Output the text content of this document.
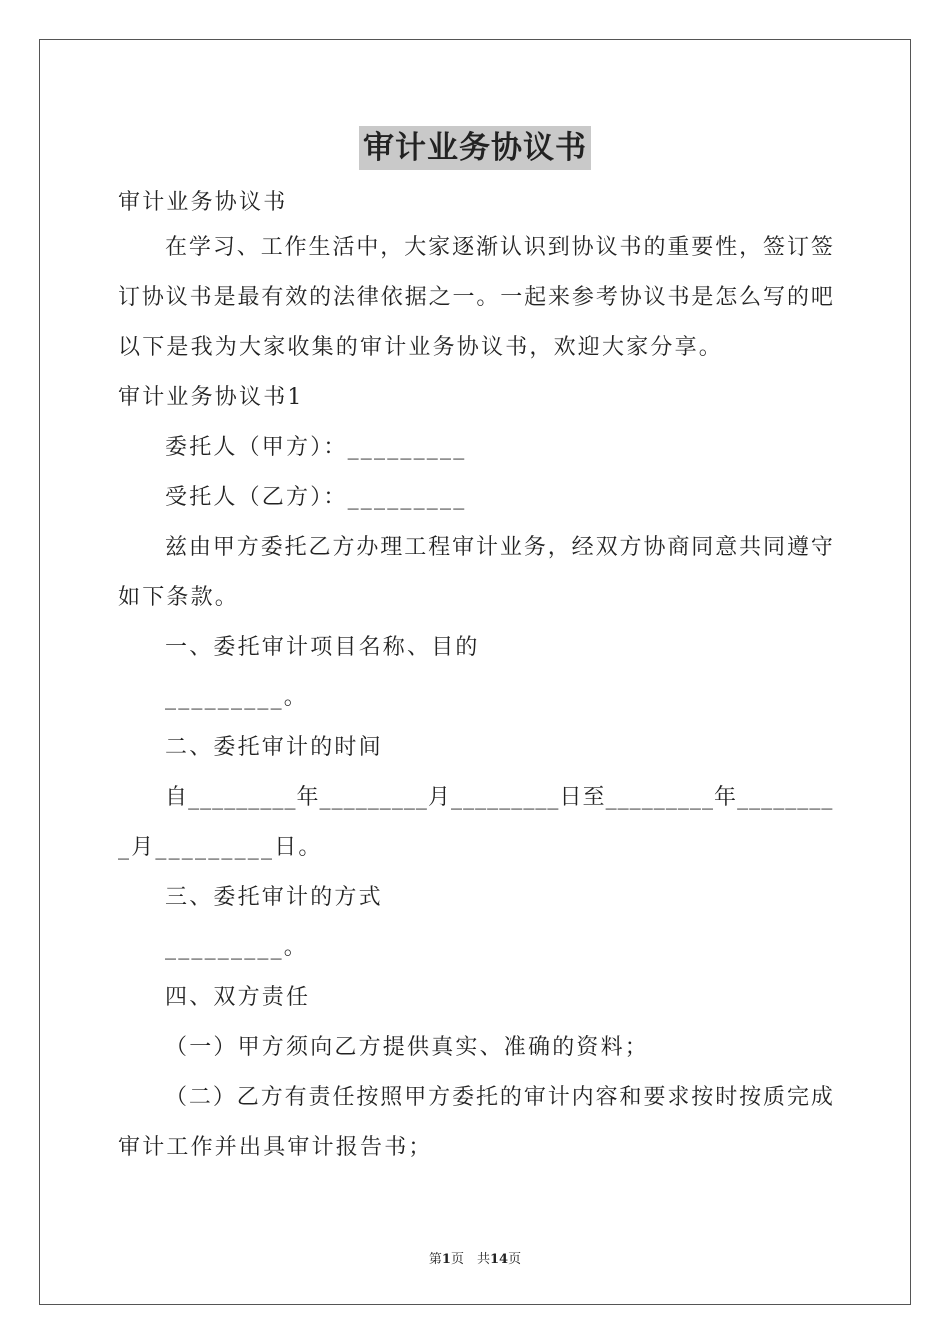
审计业务协议书
审计业务协议书
在 学 习 、 工 作 生 活 中 ， 大 家 逐 渐 认 识 到 协 议 书 的 重 要 性 ， 签 订 签
订 协 议 书 是 最 有 效 的 法 律 依 据 之 一 。 一 起 来 参 考 协 议 书 是 怎 么 写 的 吧
以下是我为大家收集的审计业务协议书，欢迎大家分享。
审计业务协议书1
委托人（甲方）：_________
受托人（乙方）：_________
兹 由 甲 方 委 托 乙 方 办 理 工 程 审 计 业 务 ， 经 双 方 协 商 同 意 共 同 遵 守
如下条款。
一、委托审计项目名称、目的
_________。
二、委托审计的时间
自 _ _ _ _ _ _ _ _ _ 年 _ _ _ _ _ _ _ _ _ 月 _ _ _ _ _ _ _ _ _ 日 至 _ _ _ _ _ _ _ _ _ 年 _ _ _ _ _ _ _ _
_月_________日。
三、委托审计的方式
_________。
四、双方责任
（一）甲方须向乙方提供真实、准确的资料；
（ 二 ） 乙 方 有 责 任 按 照 甲 方 委 托 的 审 计 内 容 和 要 求 按 时 按 质 完 成
审计工作并出具审计报告书；
第1页　共14页
